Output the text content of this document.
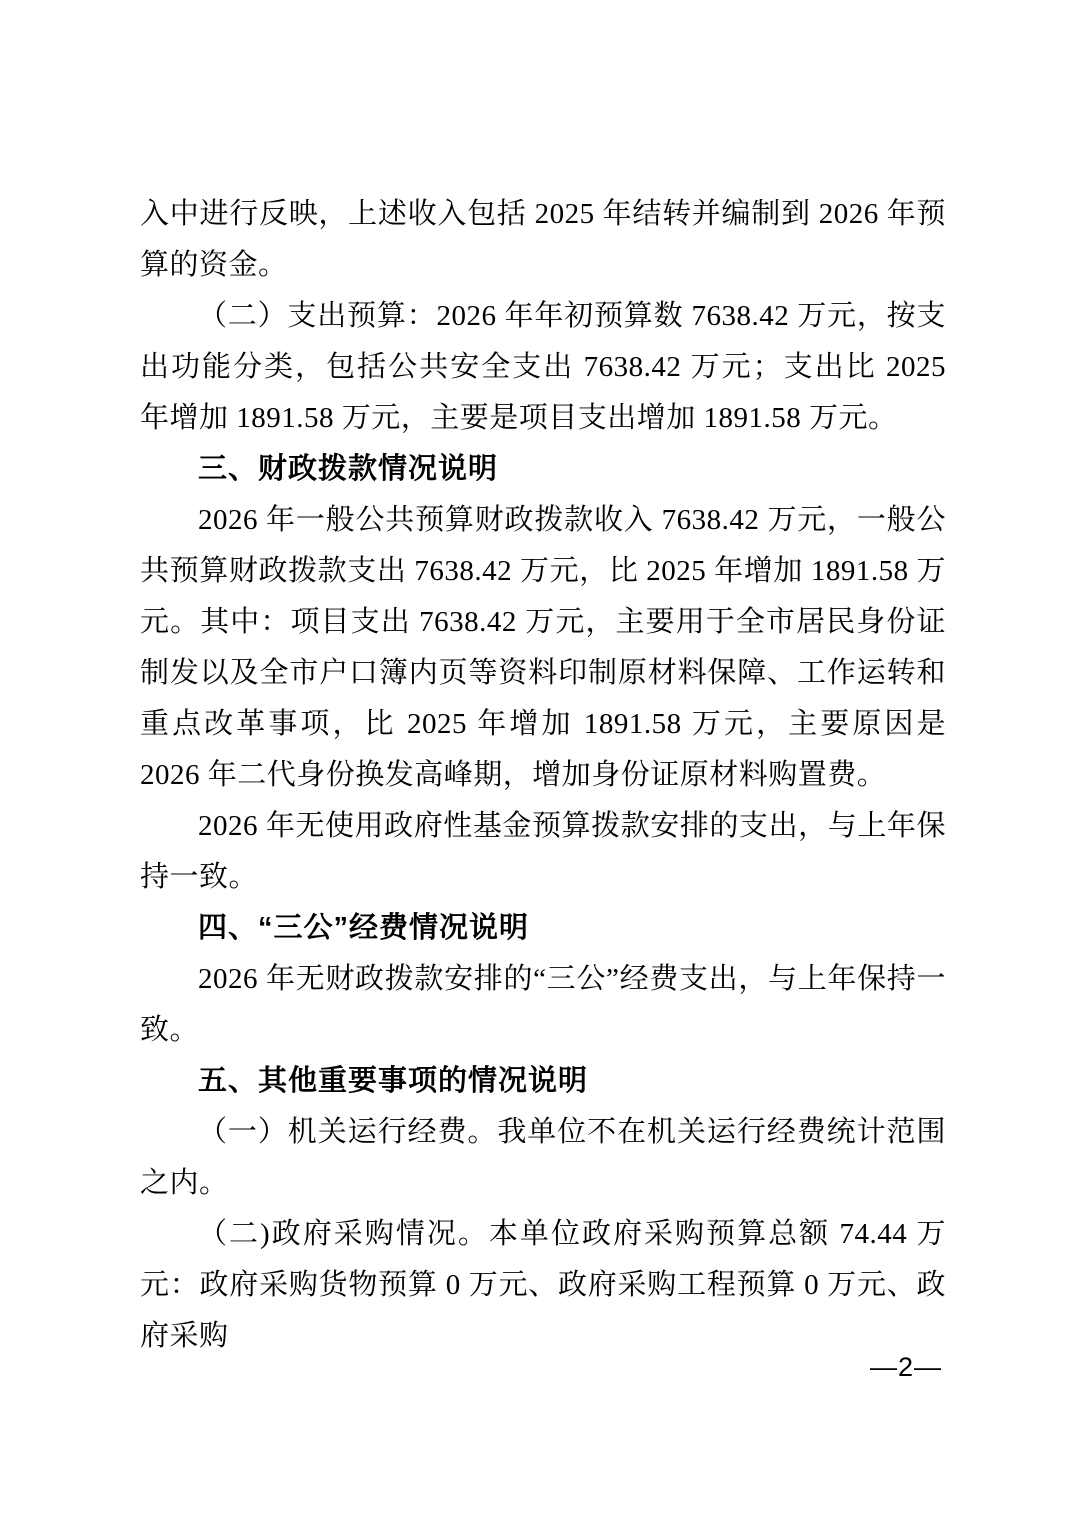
入中进行反映，上述收入包括 2025 年结转并编制到 2026 年预算的资金。

（二）支出预算：2026 年年初预算数 7638.42 万元，按支出功能分类，包括公共安全支出 7638.42 万元；支出比 2025 年增加 1891.58 万元，主要是项目支出增加 1891.58 万元。

三、财政拨款情况说明

2026 年一般公共预算财政拨款收入 7638.42 万元，一般公共预算财政拨款支出 7638.42 万元，比 2025 年增加 1891.58 万元。其中：项目支出 7638.42 万元，主要用于全市居民身份证制发以及全市户口簿内页等资料印制原材料保障、工作运转和重点改革事项，比 2025 年增加 1891.58 万元，主要原因是 2026 年二代身份换发高峰期，增加身份证原材料购置费。

2026 年无使用政府性基金预算拨款安排的支出，与上年保持一致。

四、“三公”经费情况说明

2026 年无财政拨款安排的“三公”经费支出，与上年保持一致。

五、其他重要事项的情况说明

（一）机关运行经费。我单位不在机关运行经费统计范围之内。

（二)政府采购情况。本单位政府采购预算总额 74.44 万元：政府采购货物预算 0 万元、政府采购工程预算 0 万元、政府采购

—2—
